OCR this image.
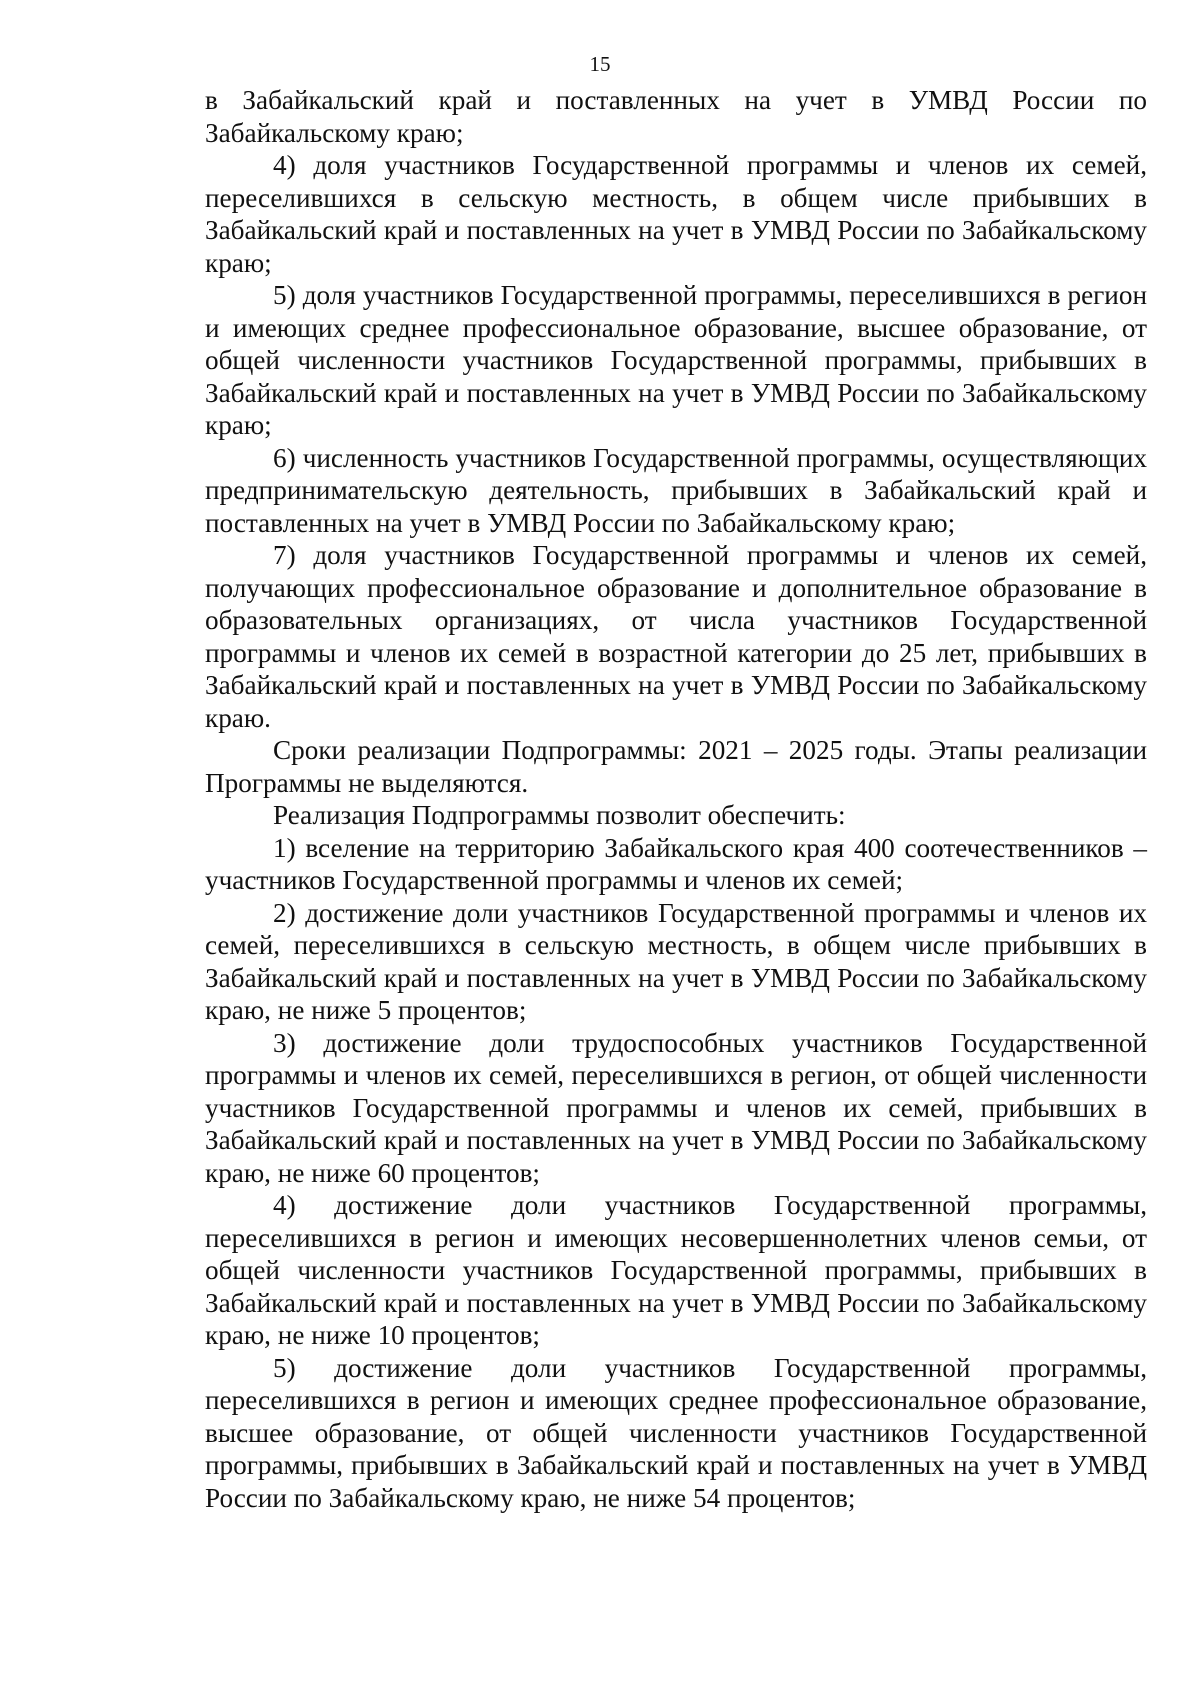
15

в Забайкальский край и поставленных на учет в УМВД России по Забайкальскому краю;

4) доля участников Государственной программы и членов их семей, переселившихся в сельскую местность, в общем числе прибывших в Забайкальский край и поставленных на учет в УМВД России по Забайкальскому краю;

5) доля участников Государственной программы, переселившихся в регион и имеющих среднее профессиональное образование, высшее образование, от общей численности участников Государственной программы, прибывших в Забайкальский край и поставленных на учет в УМВД России по Забайкальскому краю;

6) численность участников Государственной программы, осуществляющих предпринимательскую деятельность, прибывших в Забайкальский край и поставленных на учет в УМВД России по Забайкальскому краю;

7) доля участников Государственной программы и членов их семей, получающих профессиональное образование и дополнительное образование в образовательных организациях, от числа участников Государственной программы и членов их семей в возрастной категории до 25 лет, прибывших в Забайкальский край и поставленных на учет в УМВД России по Забайкальскому краю.

Сроки реализации Подпрограммы: 2021 – 2025 годы. Этапы реализации Программы не выделяются.

Реализация Подпрограммы позволит обеспечить:

1) вселение на территорию Забайкальского края 400 соотечественников – участников Государственной программы и членов их семей;

2) достижение доли участников Государственной программы и членов их семей, переселившихся в сельскую местность, в общем числе прибывших в Забайкальский край и поставленных на учет в УМВД России по Забайкальскому краю, не ниже 5 процентов;

3) достижение доли трудоспособных участников Государственной программы и членов их семей, переселившихся в регион, от общей численности участников Государственной программы и членов их семей, прибывших в Забайкальский край и поставленных на учет в УМВД России по Забайкальскому краю, не ниже 60 процентов;

4) достижение доли участников Государственной программы, переселившихся в регион и имеющих несовершеннолетних членов семьи, от общей численности участников Государственной программы, прибывших в Забайкальский край и поставленных на учет в УМВД России по Забайкальскому краю, не ниже 10 процентов;

5) достижение доли участников Государственной программы, переселившихся в регион и имеющих среднее профессиональное образование, высшее образование, от общей численности участников Государственной программы, прибывших в Забайкальский край и поставленных на учет в УМВД России по Забайкальскому краю, не ниже 54 процентов;
